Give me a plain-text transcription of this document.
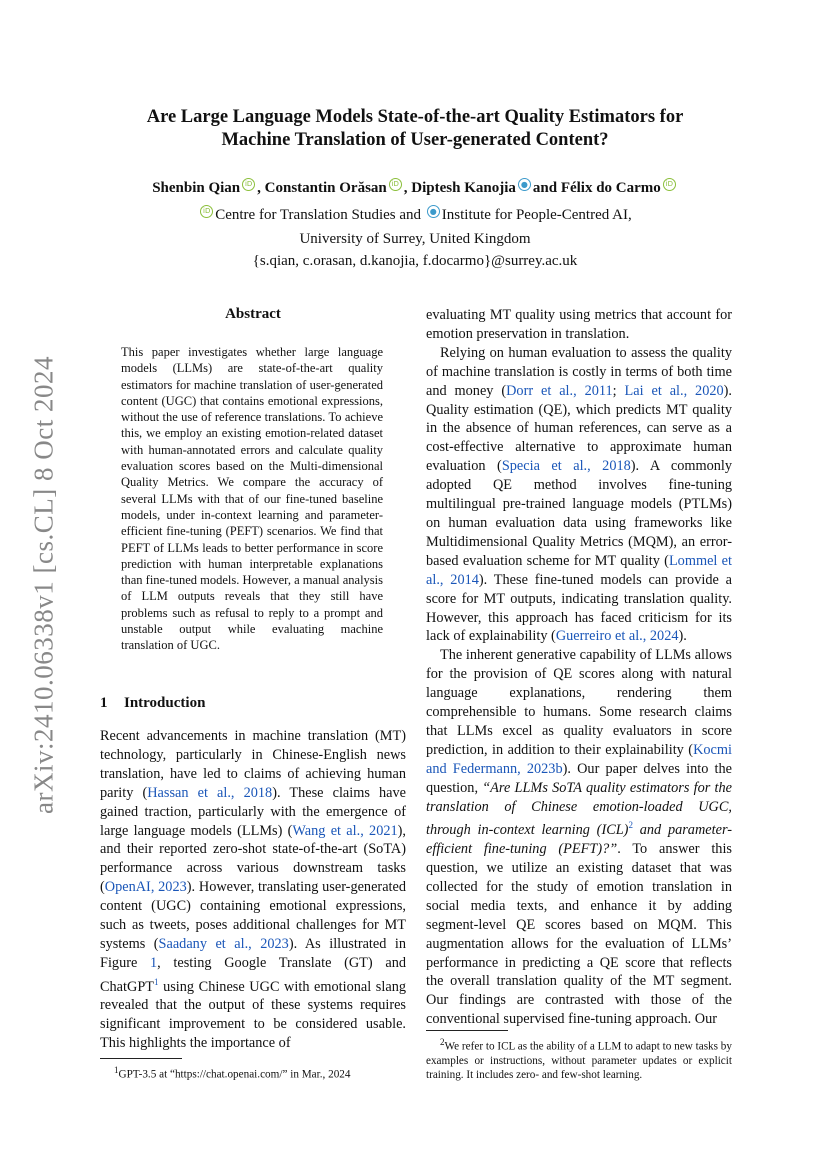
arXiv:2410.06338v1 [cs.CL] 8 Oct 2024
Are Large Language Models State-of-the-art Quality Estimators for
Machine Translation of User-generated Content?
Shenbin Qian iD , Constantin Orăsan iD , Diptesh Kanojia ● and Félix do Carmo iD
iD Centre for Translation Studies and ● Institute for People-Centred AI,
University of Surrey, United Kingdom
{s.qian, c.orasan, d.kanojia, f.docarmo}@surrey.ac.uk
Abstract
This paper investigates whether large language models (LLMs) are state-of-the-art quality estimators for machine translation of user-generated content (UGC) that contains emotional expressions, without the use of reference translations. To achieve this, we employ an existing emotion-related dataset with human-annotated errors and calculate quality evaluation scores based on the Multi-dimensional Quality Metrics. We compare the accuracy of several LLMs with that of our fine-tuned baseline models, under in-context learning and parameter-efficient fine-tuning (PEFT) scenarios. We find that PEFT of LLMs leads to better performance in score prediction with human interpretable explanations than fine-tuned models. However, a manual analysis of LLM outputs reveals that they still have problems such as refusal to reply to a prompt and unstable output while evaluating machine translation of UGC.
1 Introduction

Recent advancements in machine translation (MT) technology, particularly in Chinese-English news translation, have led to claims of achieving human parity (Hassan et al., 2018). These claims have gained traction, particularly with the emergence of large language models (LLMs) (Wang et al., 2021), and their reported zero-shot state-of-the-art (SoTA) performance across various downstream tasks (OpenAI, 2023). However, translating user-generated content (UGC) containing emotional expressions, such as tweets, poses additional challenges for MT systems (Saadany et al., 2023). As illustrated in Figure 1, testing Google Translate (GT) and ChatGPT$^1$ using Chinese UGC with emotional slang revealed that the output of these systems requires significant improvement to be considered usable. This highlights the importance of

$^1$GPT-3.5 at “https://chat.openai.com/” in Mar., 2024

evaluating MT quality using metrics that account for emotion preservation in translation.

Relying on human evaluation to assess the quality of machine translation is costly in terms of both time and money (Dorr et al., 2011; Lai et al., 2020). Quality estimation (QE), which predicts MT quality in the absence of human references, can serve as a cost-effective alternative to approximate human evaluation (Specia et al., 2018). A commonly adopted QE method involves fine-tuning multilingual pre-trained language models (PTLMs) on human evaluation data using frameworks like Multidimensional Quality Metrics (MQM), an error-based evaluation scheme for MT quality (Lommel et al., 2014). These fine-tuned models can provide a score for MT outputs, indicating translation quality. However, this approach has faced criticism for its lack of explainability (Guerreiro et al., 2024).

The inherent generative capability of LLMs allows for the provision of QE scores along with natural language explanations, rendering them comprehensible to humans. Some research claims that LLMs excel as quality evaluators in score prediction, in addition to their explainability (Kocmi and Federmann, 2023b). Our paper delves into the question, “Are LLMs SoTA quality estimators for the translation of Chinese emotion-loaded UGC, through in-context learning (ICL)$^2$ and parameter-efficient fine-tuning (PEFT)?”. To answer this question, we utilize an existing dataset that was collected for the study of emotion translation in social media texts, and enhance it by adding segment-level QE scores based on MQM. This augmentation allows for the evaluation of LLMs’ performance in predicting a QE score that reflects the overall translation quality of the MT segment. Our findings are contrasted with those of the conventional supervised fine-tuning approach. Our

$^2$We refer to ICL as the ability of a LLM to adapt to new tasks by examples or instructions, without parameter updates or explicit training. It includes zero- and few-shot learning.
